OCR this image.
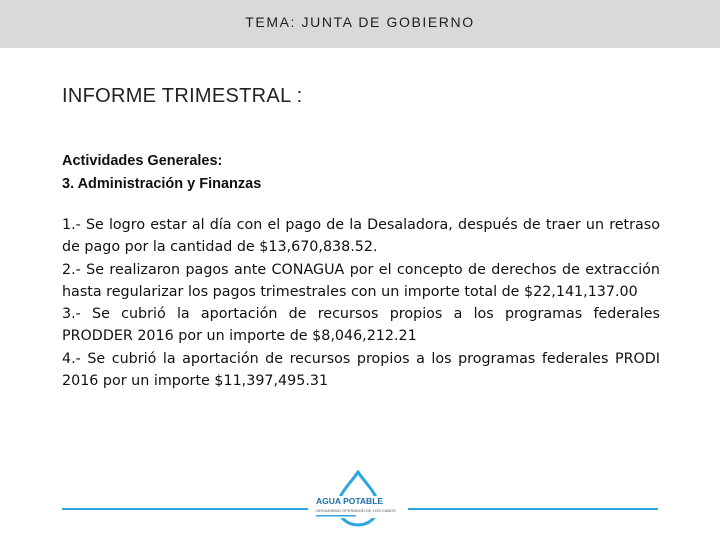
TEMA: JUNTA DE GOBIERNO
INFORME TRIMESTRAL :
Actividades Generales:
3. Administración y Finanzas

1.- Se logro estar al día con el pago de la Desaladora, después de traer un retraso de pago por la cantidad de $13,670,838.52.

2.- Se realizaron pagos ante CONAGUA por el concepto de derechos de extracción hasta regularizar los pagos trimestrales con un importe total de $22,141,137.00

3.- Se cubrió la aportación de recursos propios a los programas federales PRODDER 2016 por un importe de $8,046,212.21

4.- Se cubrió la aportación de recursos propios a los programas federales PRODI 2016 por un importe $11,397,495.31

AGUA POTABLE
ORGANISMO OPERADOR DE LOS CABOS
